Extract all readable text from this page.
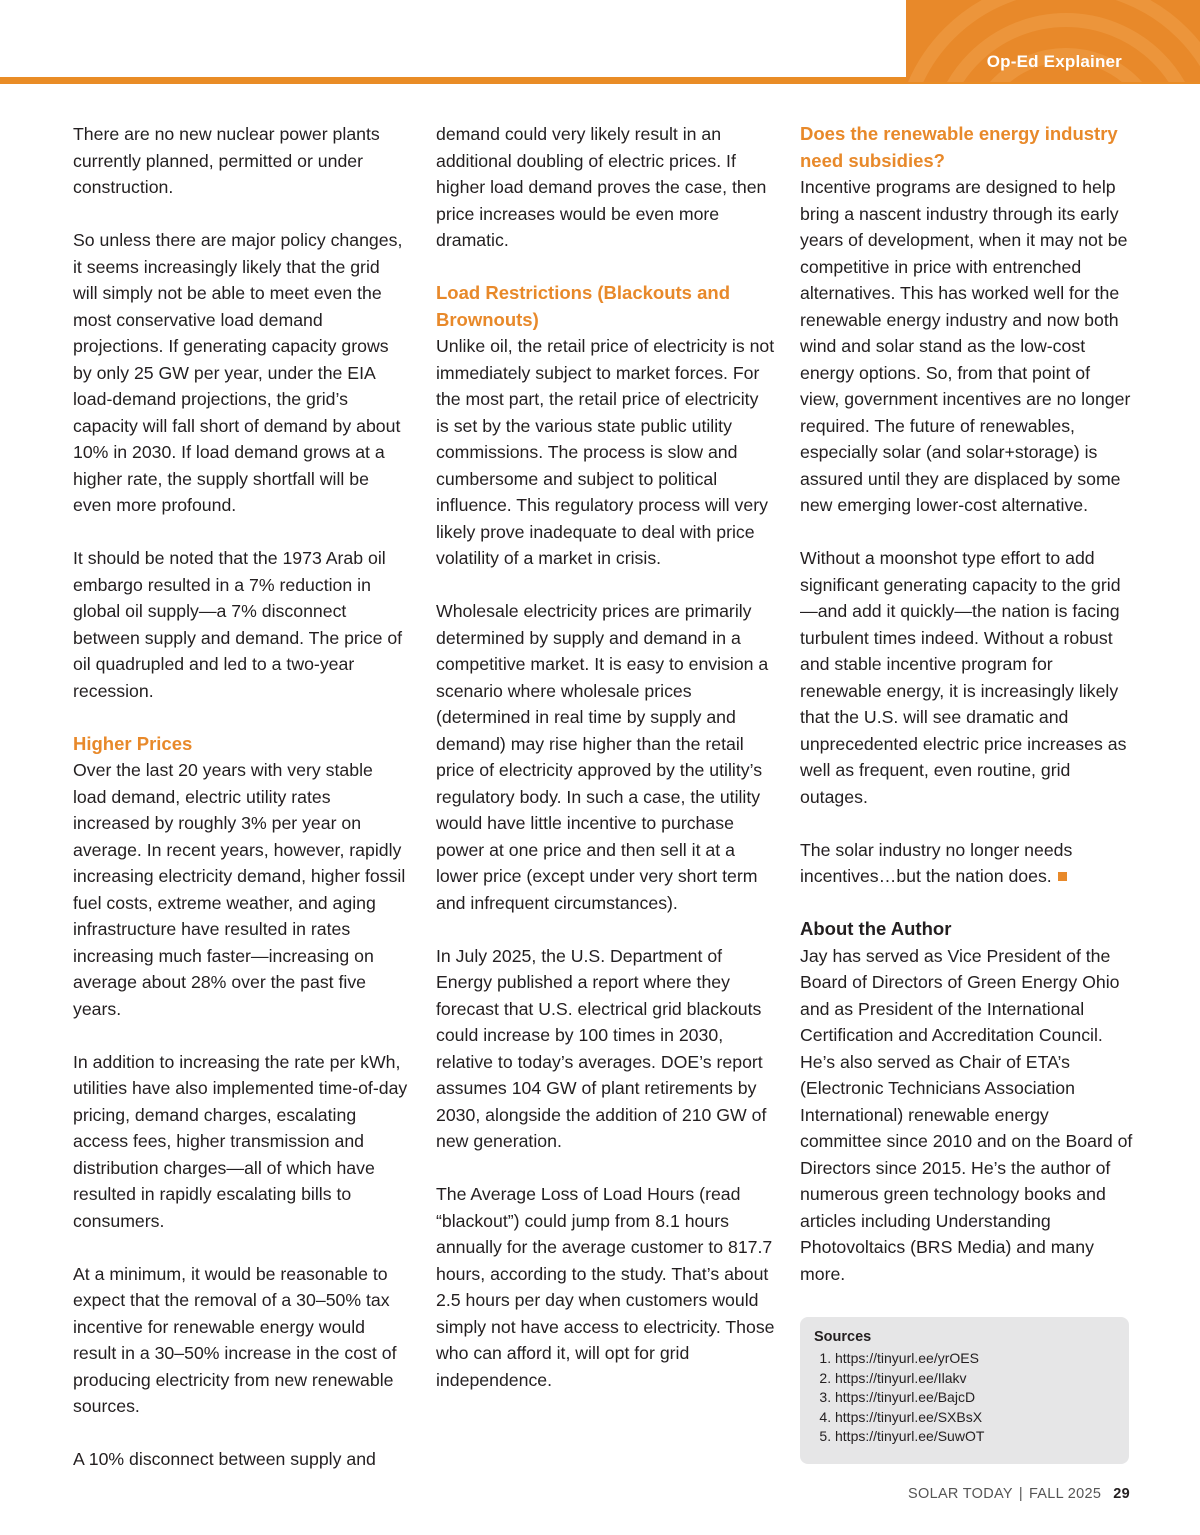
Op-Ed Explainer

There are no new nuclear power plants currently planned, permitted or under construction.

So unless there are major policy changes, it seems increasingly likely that the grid will simply not be able to meet even the most conservative load demand projections. If generating capacity grows by only 25 GW per year, under the EIA load-demand projections, the grid’s capacity will fall short of demand by about 10% in 2030. If load demand grows at a higher rate, the supply shortfall will be even more profound.

It should be noted that the 1973 Arab oil embargo resulted in a 7% reduction in global oil supply—a 7% disconnect between supply and demand. The price of oil quadrupled and led to a two-year recession.

Higher Prices

Over the last 20 years with very stable load demand, electric utility rates increased by roughly 3% per year on average. In recent years, however, rapidly increasing electricity demand, higher fossil fuel costs, extreme weather, and aging infrastructure have resulted in rates increasing much faster—increasing on average about 28% over the past five years.

In addition to increasing the rate per kWh, utilities have also implemented time-of-day pricing, demand charges, escalating access fees, higher transmission and distribution charges—all of which have resulted in rapidly escalating bills to consumers.

At a minimum, it would be reasonable to expect that the removal of a 30–50% tax incentive for renewable energy would result in a 30–50% increase in the cost of producing electricity from new renewable sources.

A 10% disconnect between supply and

demand could very likely result in an additional doubling of electric prices. If higher load demand proves the case, then price increases would be even more dramatic.

Load Restrictions (Blackouts and Brownouts)

Unlike oil, the retail price of electricity is not immediately subject to market forces. For the most part, the retail price of electricity is set by the various state public utility commissions. The process is slow and cumbersome and subject to political influence. This regulatory process will very likely prove inadequate to deal with price volatility of a market in crisis.

Wholesale electricity prices are primarily determined by supply and demand in a competitive market. It is easy to envision a scenario where wholesale prices (determined in real time by supply and demand) may rise higher than the retail price of electricity approved by the utility’s regulatory body. In such a case, the utility would have little incentive to purchase power at one price and then sell it at a lower price (except under very short term and infrequent circumstances).

In July 2025, the U.S. Department of Energy published a report where they forecast that U.S. electrical grid blackouts could increase by 100 times in 2030, relative to today’s averages. DOE’s report assumes 104 GW of plant retirements by 2030, alongside the addition of 210 GW of new generation.

The Average Loss of Load Hours (read “blackout”) could jump from 8.1 hours annually for the average customer to 817.7 hours, according to the study. That’s about 2.5 hours per day when customers would simply not have access to electricity. Those who can afford it, will opt for grid independence.

Does the renewable energy industry need subsidies?

Incentive programs are designed to help bring a nascent industry through its early years of development, when it may not be competitive in price with entrenched alternatives. This has worked well for the renewable energy industry and now both wind and solar stand as the low-cost energy options. So, from that point of view, government incentives are no longer required. The future of renewables, especially solar (and solar+storage) is assured until they are displaced by some new emerging lower-cost alternative.

Without a moonshot type effort to add significant generating capacity to the grid—and add it quickly—the nation is facing turbulent times indeed. Without a robust and stable incentive program for renewable energy, it is increasingly likely that the U.S. will see dramatic and unprecedented electric price increases as well as frequent, even routine, grid outages.

The solar industry no longer needs incentives…but the nation does.

About the Author

Jay has served as Vice President of the Board of Directors of Green Energy Ohio and as President of the International Certification and Accreditation Council. He’s also served as Chair of ETA’s (Electronic Technicians Association International) renewable energy committee since 2010 and on the Board of Directors since 2015. He’s the author of numerous green technology books and articles including Understanding Photovoltaics (BRS Media) and many more.

Sources
1. https://tinyurl.ee/yrOES
2. https://tinyurl.ee/Ilakv
3. https://tinyurl.ee/BajcD
4. https://tinyurl.ee/SXBsX
5. https://tinyurl.ee/SuwOT
SOLAR TODAY | FALL 2025 29
